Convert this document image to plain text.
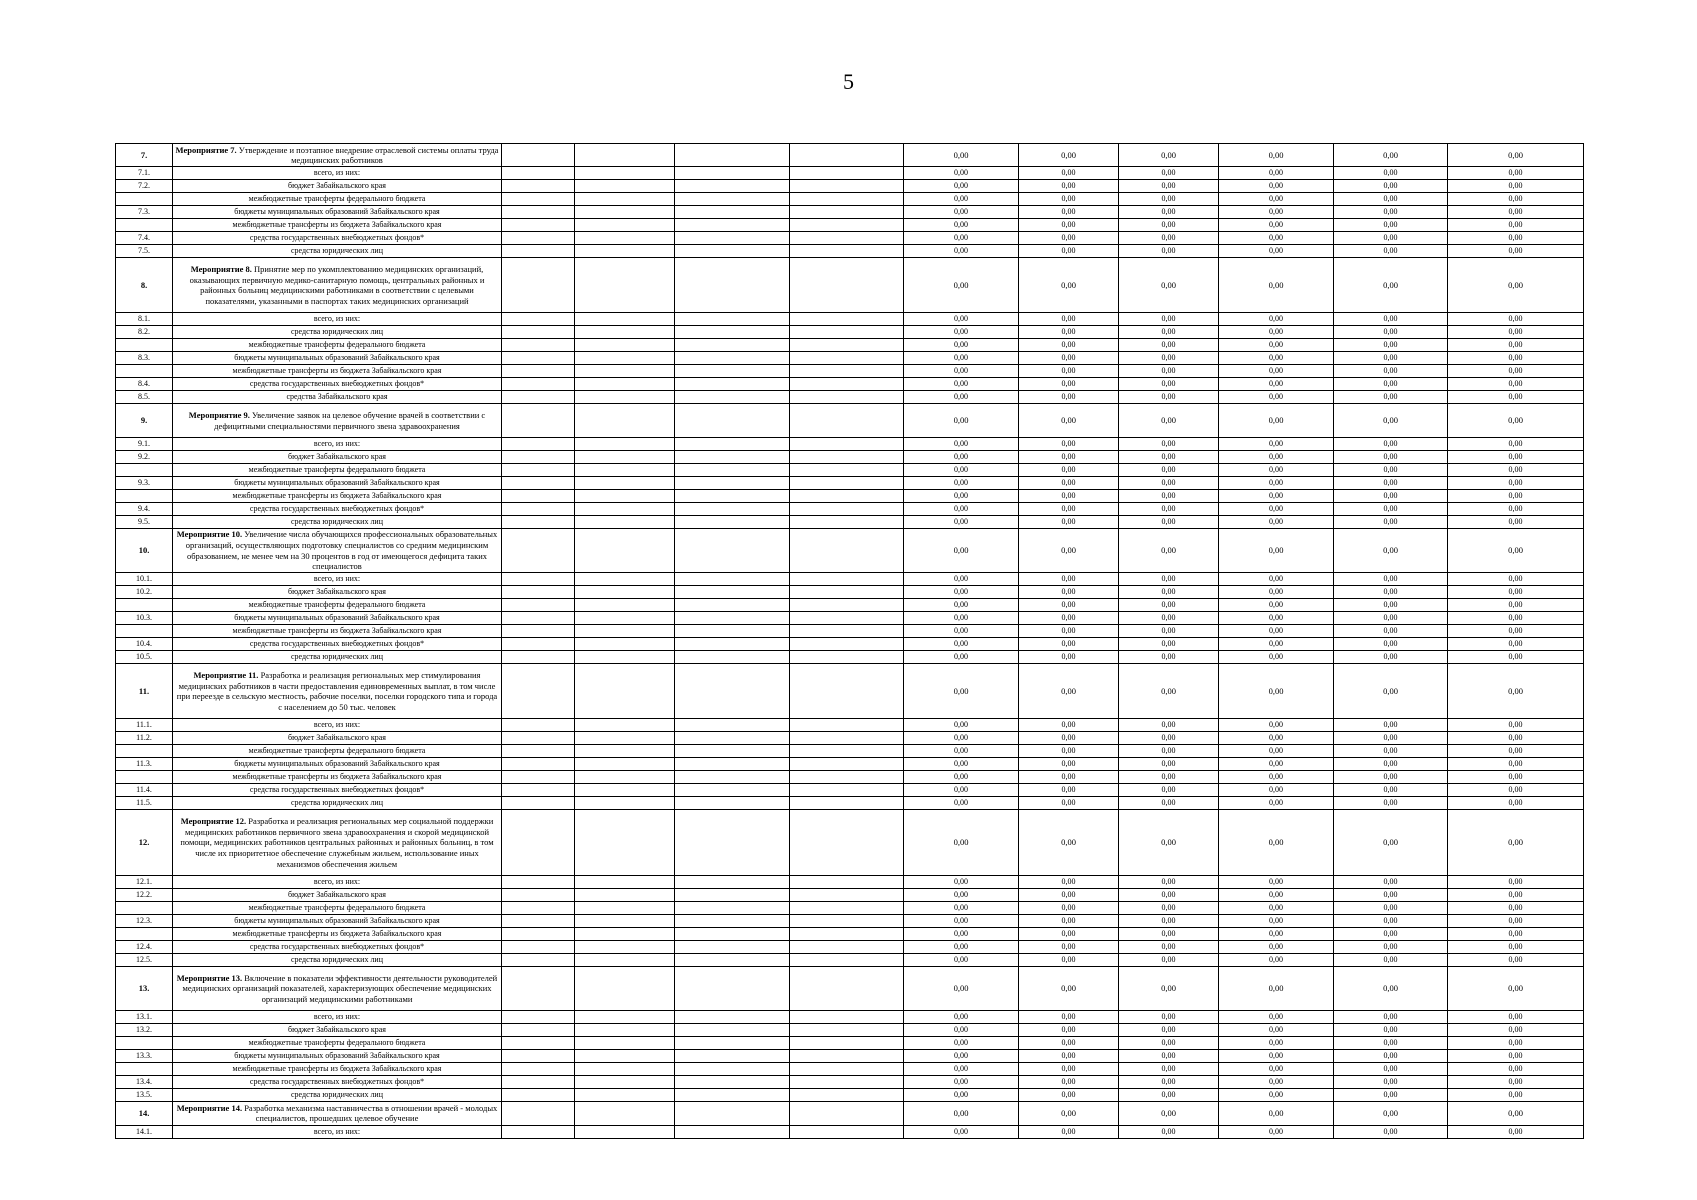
5
7.	Мероприятие 7. Утверждение и поэтапное внедрение отраслевой системы оплаты труда медицинских работников					0,00	0,00	0,00	0,00	0,00	0,00
7.1.	всего, из них:					0,00	0,00	0,00	0,00	0,00	0,00
7.2.	бюджет Забайкальского края					0,00	0,00	0,00	0,00	0,00	0,00
	межбюджетные трансферты федерального бюджета					0,00	0,00	0,00	0,00	0,00	0,00
7.3.	бюджеты муниципальных образований Забайкальского края					0,00	0,00	0,00	0,00	0,00	0,00
	межбюджетные трансферты из бюджета Забайкальского края					0,00	0,00	0,00	0,00	0,00	0,00
7.4.	средства государственных внебюджетных фондов*					0,00	0,00	0,00	0,00	0,00	0,00
7.5.	средства юридических лиц					0,00	0,00	0,00	0,00	0,00	0,00
8.	Мероприятие 8. Принятие мер по укомплектованию медицинских организаций, оказывающих первичную медико-санитарную помощь, центральных районных и районных больниц медицинскими работниками в соответствии с целевыми показателями, указанными в паспортах таких медицинских организаций					0,00	0,00	0,00	0,00	0,00	0,00
8.1.	всего, из них:					0,00	0,00	0,00	0,00	0,00	0,00
8.2.	средства юридических лиц					0,00	0,00	0,00	0,00	0,00	0,00
	межбюджетные трансферты федерального бюджета					0,00	0,00	0,00	0,00	0,00	0,00
8.3.	бюджеты муниципальных образований Забайкальского края					0,00	0,00	0,00	0,00	0,00	0,00
	межбюджетные трансферты из бюджета Забайкальского края					0,00	0,00	0,00	0,00	0,00	0,00
8.4.	средства государственных внебюджетных фондов*					0,00	0,00	0,00	0,00	0,00	0,00
8.5.	средства Забайкальского края					0,00	0,00	0,00	0,00	0,00	0,00
9.	Мероприятие 9. Увеличение заявок на целевое обучение врачей в соответствии с дефицитными специальностями первичного звена здравоохранения					0,00	0,00	0,00	0,00	0,00	0,00
9.1.	всего, из них:					0,00	0,00	0,00	0,00	0,00	0,00
9.2.	бюджет Забайкальского края					0,00	0,00	0,00	0,00	0,00	0,00
	межбюджетные трансферты федерального бюджета					0,00	0,00	0,00	0,00	0,00	0,00
9.3.	бюджеты муниципальных образований Забайкальского края					0,00	0,00	0,00	0,00	0,00	0,00
	межбюджетные трансферты из бюджета Забайкальского края					0,00	0,00	0,00	0,00	0,00	0,00
9.4.	средства государственных внебюджетных фондов*					0,00	0,00	0,00	0,00	0,00	0,00
9.5.	средства юридических лиц					0,00	0,00	0,00	0,00	0,00	0,00
10.	Мероприятие 10. Увеличение числа обучающихся профессиональных образовательных организаций, осуществляющих подготовку специалистов со средним медицинским образованием, не менее чем на 30 процентов в год от имеющегося дефицита таких специалистов					0,00	0,00	0,00	0,00	0,00	0,00
10.1.	всего, из них:					0,00	0,00	0,00	0,00	0,00	0,00
10.2.	бюджет Забайкальского края					0,00	0,00	0,00	0,00	0,00	0,00
	межбюджетные трансферты федерального бюджета					0,00	0,00	0,00	0,00	0,00	0,00
10.3.	бюджеты муниципальных образований Забайкальского края					0,00	0,00	0,00	0,00	0,00	0,00
	межбюджетные трансферты из бюджета Забайкальского края					0,00	0,00	0,00	0,00	0,00	0,00
10.4.	средства государственных внебюджетных фондов*					0,00	0,00	0,00	0,00	0,00	0,00
10.5.	средства юридических лиц					0,00	0,00	0,00	0,00	0,00	0,00
11.	Мероприятие 11. Разработка и реализация региональных мер стимулирования медицинских работников в части предоставления единовременных выплат, в том числе при переезде в сельскую местность, рабочие поселки, поселки городского типа и города с населением до 50 тыс. человек					0,00	0,00	0,00	0,00	0,00	0,00
11.1.	всего, из них:					0,00	0,00	0,00	0,00	0,00	0,00
11.2.	бюджет Забайкальского края					0,00	0,00	0,00	0,00	0,00	0,00
	межбюджетные трансферты федерального бюджета					0,00	0,00	0,00	0,00	0,00	0,00
11.3.	бюджеты муниципальных образований Забайкальского края					0,00	0,00	0,00	0,00	0,00	0,00
	межбюджетные трансферты из бюджета Забайкальского края					0,00	0,00	0,00	0,00	0,00	0,00
11.4.	средства государственных внебюджетных фондов*					0,00	0,00	0,00	0,00	0,00	0,00
11.5.	средства юридических лиц					0,00	0,00	0,00	0,00	0,00	0,00
12.	Мероприятие 12. Разработка и реализация региональных мер социальной поддержки медицинских работников первичного звена здравоохранения и скорой медицинской помощи, медицинских работников центральных районных и районных больниц, в том числе их приоритетное обеспечение служебным жильем, использование иных механизмов обеспечения жильем					0,00	0,00	0,00	0,00	0,00	0,00
12.1.	всего, из них:					0,00	0,00	0,00	0,00	0,00	0,00
12.2.	бюджет Забайкальского края					0,00	0,00	0,00	0,00	0,00	0,00
	межбюджетные трансферты федерального бюджета					0,00	0,00	0,00	0,00	0,00	0,00
12.3.	бюджеты муниципальных образований Забайкальского края					0,00	0,00	0,00	0,00	0,00	0,00
	межбюджетные трансферты из бюджета Забайкальского края					0,00	0,00	0,00	0,00	0,00	0,00
12.4.	средства государственных внебюджетных фондов*					0,00	0,00	0,00	0,00	0,00	0,00
12.5.	средства юридических лиц					0,00	0,00	0,00	0,00	0,00	0,00
13.	Мероприятие 13. Включение в показатели эффективности деятельности руководителей медицинских организаций показателей, характеризующих обеспечение медицинских организаций медицинскими работниками					0,00	0,00	0,00	0,00	0,00	0,00
13.1.	всего, из них:					0,00	0,00	0,00	0,00	0,00	0,00
13.2.	бюджет Забайкальского края					0,00	0,00	0,00	0,00	0,00	0,00
	межбюджетные трансферты федерального бюджета					0,00	0,00	0,00	0,00	0,00	0,00
13.3.	бюджеты муниципальных образований Забайкальского края					0,00	0,00	0,00	0,00	0,00	0,00
	межбюджетные трансферты из бюджета Забайкальского края					0,00	0,00	0,00	0,00	0,00	0,00
13.4.	средства государственных внебюджетных фондов*					0,00	0,00	0,00	0,00	0,00	0,00
13.5.	средства юридических лиц					0,00	0,00	0,00	0,00	0,00	0,00
14.	Мероприятие 14. Разработка механизма наставничества в отношении врачей - молодых специалистов, прошедших целевое обучение					0,00	0,00	0,00	0,00	0,00	0,00
14.1.	всего, из них:					0,00	0,00	0,00	0,00	0,00	0,00
